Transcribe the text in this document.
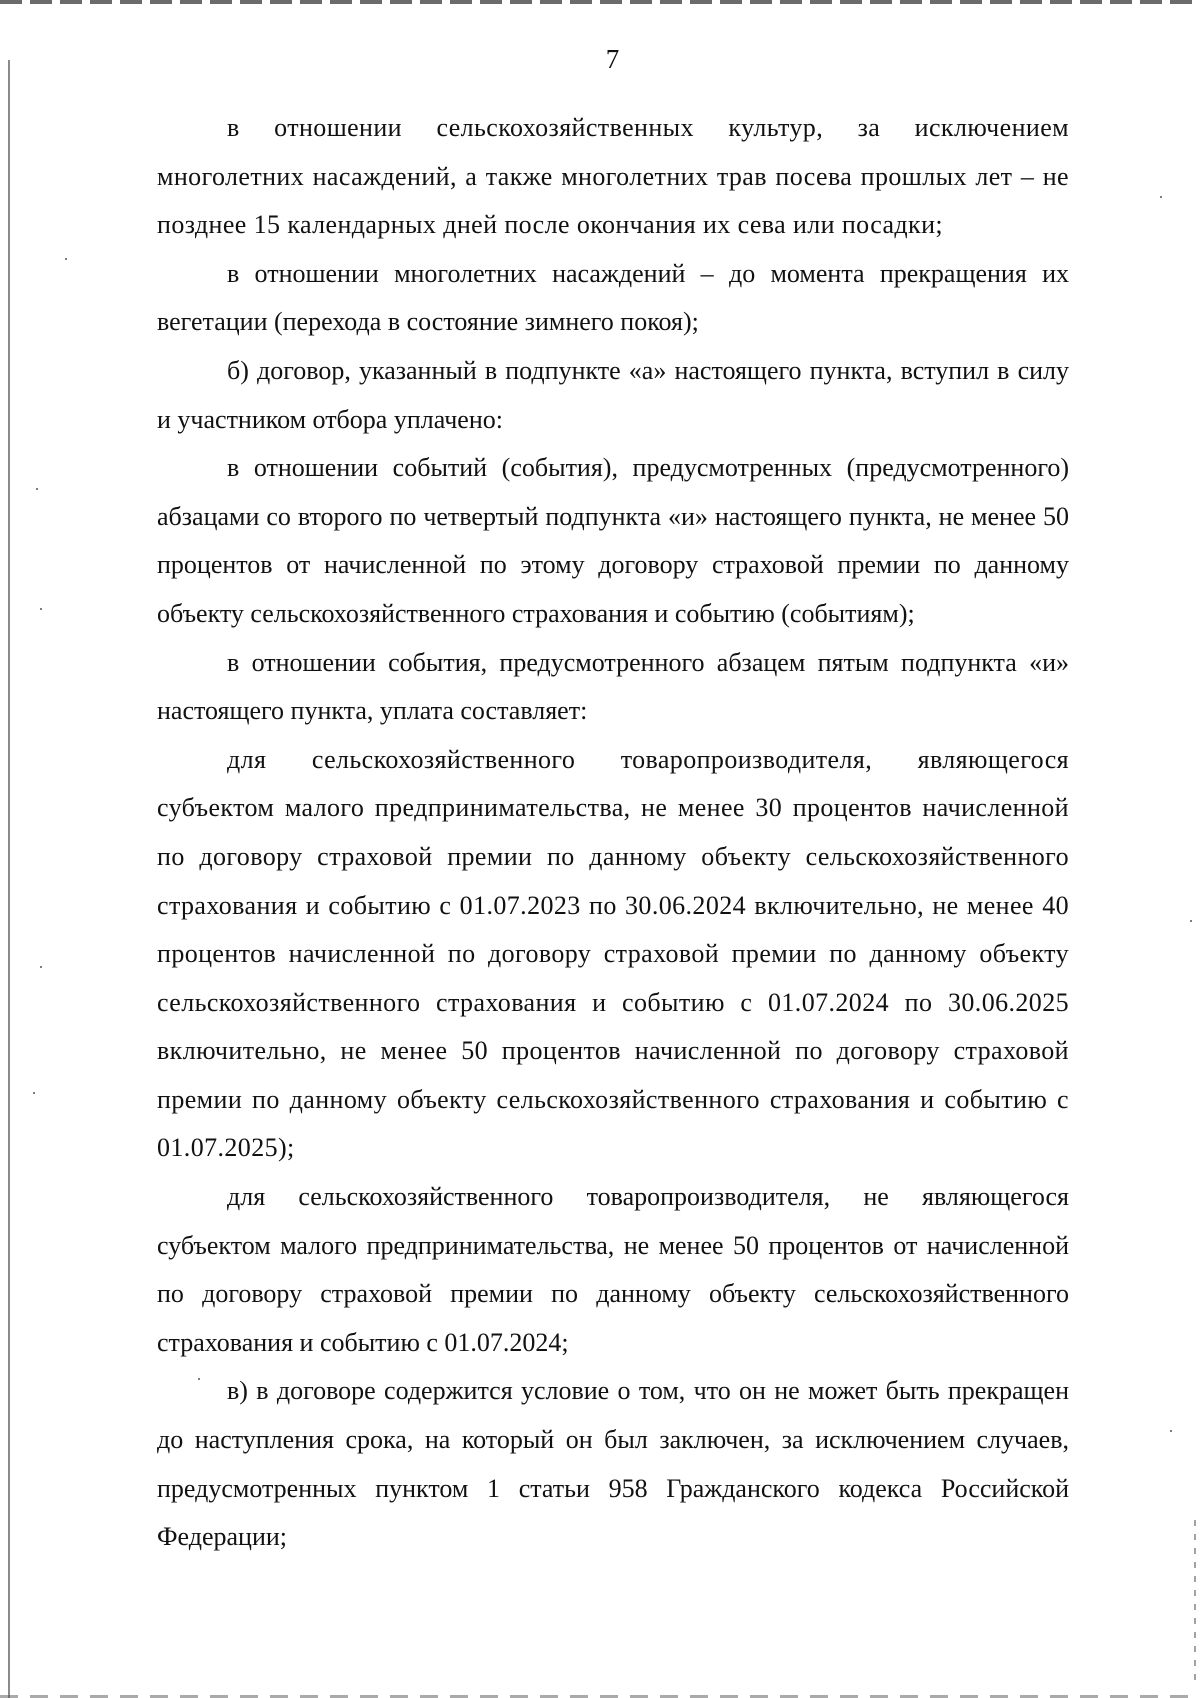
7

в отношении сельскохозяйственных культур, за исключением многолетних насаждений, а также многолетних трав посева прошлых лет – не позднее 15 календарных дней после окончания их сева или посадки;

в отношении многолетних насаждений – до момента прекращения их вегетации (перехода в состояние зимнего покоя);

б) договор, указанный в подпункте «а» настоящего пункта, вступил в силу и участником отбора уплачено:

в отношении событий (события), предусмотренных (предусмотренного) абзацами со второго по четвертый подпункта «и» настоящего пункта, не менее 50 процентов от начисленной по этому договору страховой премии по данному объекту сельскохозяйственного страхования и событию (событиям);

в отношении события, предусмотренного абзацем пятым подпункта «и» настоящего пункта, уплата составляет:

для сельскохозяйственного товаропроизводителя, являющегося субъектом малого предпринимательства, не менее 30 процентов начисленной по договору страховой премии по данному объекту сельскохозяйственного страхования и событию с 01.07.2023 по 30.06.2024 включительно, не менее 40 процентов начисленной по договору страховой премии по данному объекту сельскохозяйственного страхования и событию с 01.07.2024 по 30.06.2025 включительно, не менее 50 процентов начисленной по договору страховой премии по данному объекту сельскохозяйственного страхования и событию с 01.07.2025);

для сельскохозяйственного товаропроизводителя, не являющегося субъектом малого предпринимательства, не менее 50 процентов от начисленной по договору страховой премии по данному объекту сельскохозяйственного страхования и событию с 01.07.2024;

в) в договоре содержится условие о том, что он не может быть прекращен до наступления срока, на который он был заключен, за исключением случаев, предусмотренных пунктом 1 статьи 958 Гражданского кодекса Российской Федерации;
